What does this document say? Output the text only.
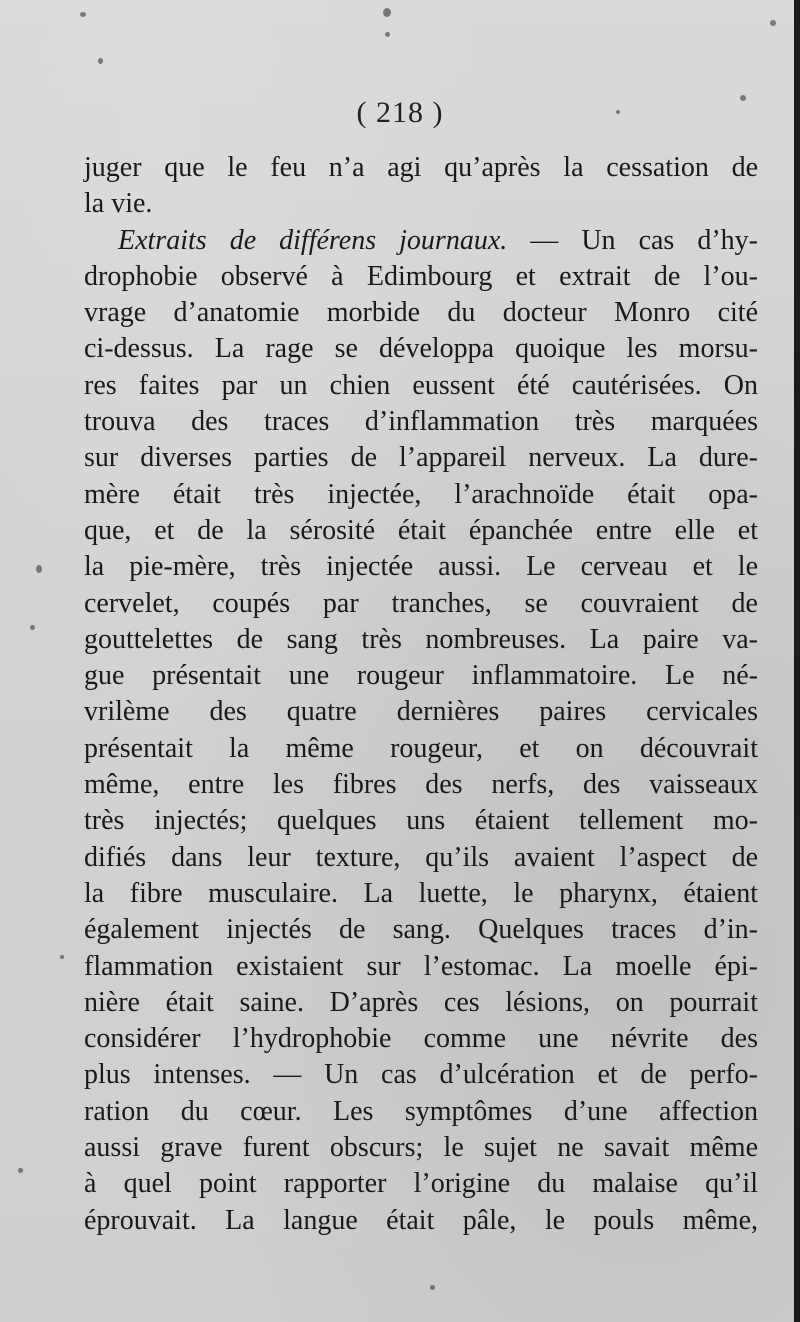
( 218 )
juger que le feu n’a agi qu’après la cessation de
la vie.
Extraits de différens journaux. — Un cas d’hy-
drophobie observé à Edimbourg et extrait de l’ou-
vrage d’anatomie morbide du docteur Monro cité
ci-dessus. La rage se développa quoique les morsu-
res faites par un chien eussent été cautérisées. On
trouva des traces d’inflammation très marquées
sur diverses parties de l’appareil nerveux. La dure-
mère était très injectée, l’arachnoïde était opa-
que, et de la sérosité était épanchée entre elle et
la pie-mère, très injectée aussi. Le cerveau et le
cervelet, coupés par tranches, se couvraient de
gouttelettes de sang très nombreuses. La paire va-
gue présentait une rougeur inflammatoire. Le né-
vrilème des quatre dernières paires cervicales
présentait la même rougeur, et on découvrait
même, entre les fibres des nerfs, des vaisseaux
très injectés; quelques uns étaient tellement mo-
difiés dans leur texture, qu’ils avaient l’aspect de
la fibre musculaire. La luette, le pharynx, étaient
également injectés de sang. Quelques traces d’in-
flammation existaient sur l’estomac. La moelle épi-
nière était saine. D’après ces lésions, on pourrait
considérer l’hydrophobie comme une névrite des
plus intenses. — Un cas d’ulcération et de perfo-
ration du cœur. Les symptômes d’une affection
aussi grave furent obscurs; le sujet ne savait même
à quel point rapporter l’origine du malaise qu’il
éprouvait. La langue était pâle, le pouls même,
